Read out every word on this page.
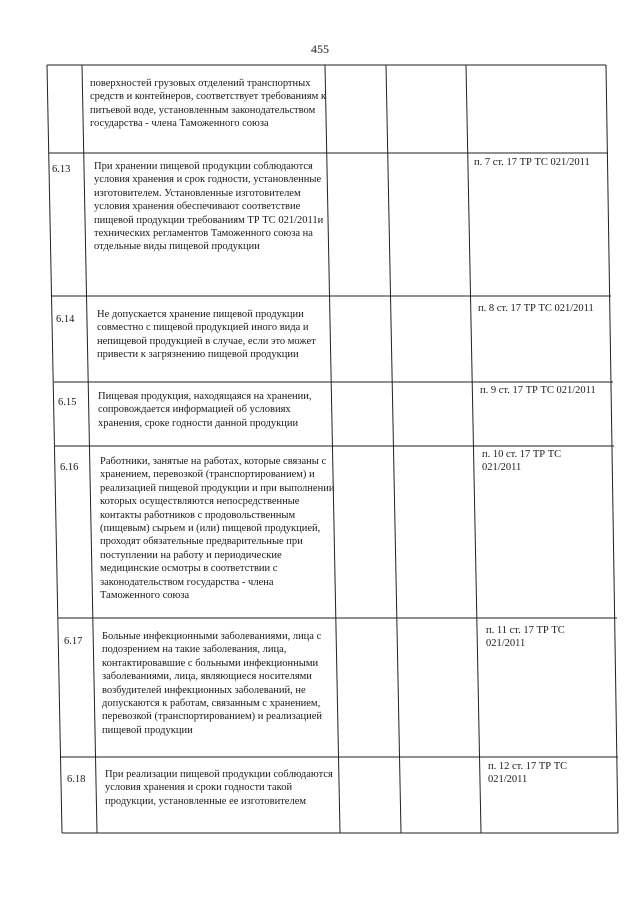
455
поверхностей грузовых отделений транспортных средств и контейнеров, соответствует требованиям к питьевой воде, установленным законодательством государства - члена Таможенного союза
6.13 При хранении пищевой продукции соблюдаются условия хранения и срок годности, установленные изготовителем. Установленные изготовителем условия хранения обеспечивают соответствие пищевой продукции требованиям ТР ТС 021/2011и технических регламентов Таможенного союза на отдельные виды пищевой продукции
п. 7 ст. 17 ТР ТС 021/2011
6.14 Не допускается хранение пищевой продукции совместно с пищевой продукцией иного вида и непищевой продукцией в случае, если это может привести к загрязнению пищевой продукции
п. 8 ст. 17 ТР ТС 021/2011
6.15
Пищевая продукция, находящаяся на хранении, сопровождается информацией об условиях хранения, сроке годности данной продукции
п. 9 ст. 17 ТР ТС 021/2011
6.16
Работники, занятые на работах, которые связаны с хранением, перевозкой (транспортированием) и реализацией пищевой продукции и при выполнении которых осуществляются непосредственные контакты работников с продовольственным (пищевым) сырьем и (или) пищевой продукцией, проходят обязательные предварительные при поступлении на работу и периодические медицинские осмотры в соответствии с законодательством государства - члена Таможенного союза
п. 10 ст. 17 ТР ТС 021/2011
6.17 Больные инфекционными заболеваниями, лица с подозрением на такие заболевания, лица, контактировавшие с больными инфекционными заболеваниями, лица, являющиеся носителями возбудителей инфекционных заболеваний, не допускаются к работам, связанным с хранением, перевозкой (транспортированием) и реализацией пищевой продукции
п. 11 ст. 17 ТР ТС 021/2011
6.18 При реализации пищевой продукции соблюдаются условия хранения и сроки годности такой продукции, установленные ее изготовителем
п. 12 ст. 17 ТР ТС 021/2011
